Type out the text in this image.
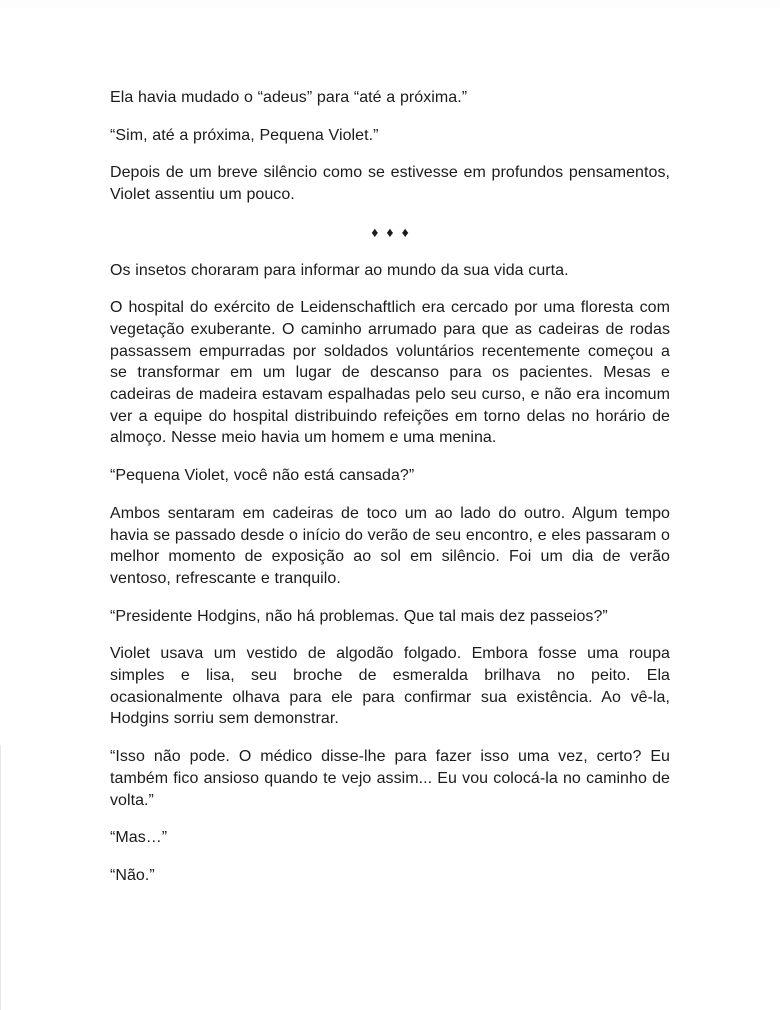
Ela havia mudado o “adeus” para “até a próxima.”

“Sim, até a próxima, Pequena Violet.”

Depois de um breve silêncio como se estivesse em profundos pensamentos, Violet assentiu um pouco.

♦ ♦ ♦

Os insetos choraram para informar ao mundo da sua vida curta.

O hospital do exército de Leidenschaftlich era cercado por uma floresta com vegetação exuberante. O caminho arrumado para que as cadeiras de rodas passassem empurradas por soldados voluntários recentemente começou a se transformar em um lugar de descanso para os pacientes. Mesas e cadeiras de madeira estavam espalhadas pelo seu curso, e não era incomum ver a equipe do hospital distribuindo refeições em torno delas no horário de almoço. Nesse meio havia um homem e uma menina.

“Pequena Violet, você não está cansada?”

Ambos sentaram em cadeiras de toco um ao lado do outro. Algum tempo havia se passado desde o início do verão de seu encontro, e eles passaram o melhor momento de exposição ao sol em silêncio. Foi um dia de verão ventoso, refrescante e tranquilo.

“Presidente Hodgins, não há problemas. Que tal mais dez passeios?”

Violet usava um vestido de algodão folgado. Embora fosse uma roupa simples e lisa, seu broche de esmeralda brilhava no peito. Ela ocasionalmente olhava para ele para confirmar sua existência. Ao vê-la, Hodgins sorriu sem demonstrar.

“Isso não pode. O médico disse-lhe para fazer isso uma vez, certo? Eu também fico ansioso quando te vejo assim... Eu vou colocá-la no caminho de volta.”

“Mas…”

“Não.”
